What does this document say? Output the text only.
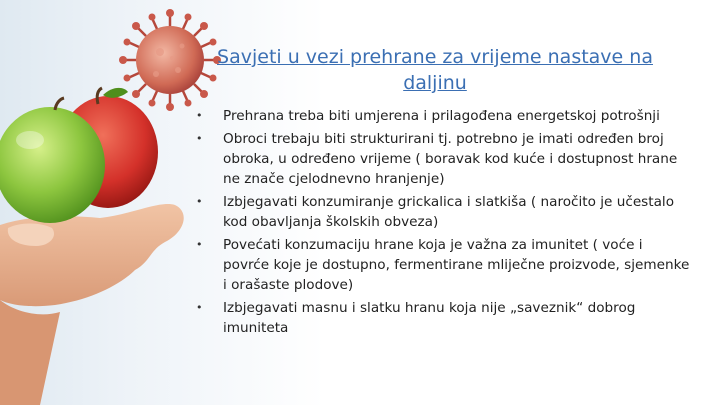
Savjeti u vezi prehrane za vrijeme nastave na daljinu
• Prehrana treba biti umjerena i prilagođena energetskoj potrošnji
• Obroci trebaju biti strukturirani tj. potrebno je imati određen broj obroka, u određeno vrijeme ( boravak kod kuće i dostupnost hrane ne znače cjelodnevno hranjenje)
• Izbjegavati konzumiranje grickalica i slatkiša ( naročito je učestalo kod obavljanja školskih obveza)
• Povećati konzumaciju hrane koja je važna za imunitet ( voće i povrće koje je dostupno, fermentirane mliječne proizvode, sjemenke i orašaste plodove)
• Izbjegavati masnu i slatku hranu koja nije „saveznik“ dobrog imuniteta
